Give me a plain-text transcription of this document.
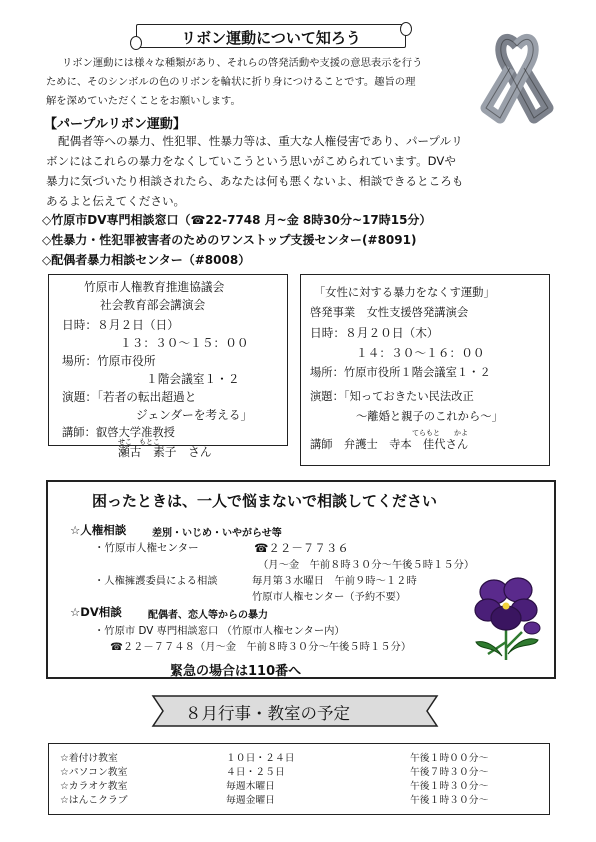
リボン運動について知ろう
リボン運動には様々な種類があり、それらの啓発活動や支援の意思表示を行う
ために、そのシンボルの色のリボンを輪状に折り身につけることです。趣旨の理
解を深めていただくことをお願いします。
【パープルリボン運動】
配偶者等への暴力、性犯罪、性暴力等は、重大な人権侵害であり、パープルリ
ボンにはこれらの暴力をなくしていこうという思いがこめられています。DVや
暴力に気づいたり相談されたら、あなたは何も悪くないよ、相談できるところも
あるよと伝えてください。
◇竹原市DV専門相談窓口（☎22-7748 月~金 8時30分~17時15分）
◇性暴力・性犯罪被害者のためのワンストップ支援センター(#8091)
◇配偶者暴力相談センター（#8008）
竹原市人権教育推進協議会
社会教育部会講演会
日時：８月２日（日）
１３：３０～１５：００
場所：竹原市役所
１階会議室１・２
演題：「若者の転出超過と
ジェンダーを考える」
講師：叡啓大学准教授
せこ　もとこ
瀬古　素子　さん
「女性に対する暴力をなくす運動」
啓発事業　女性支援啓発講演会
日時：８月２０日（木）
１４：３０～１６：００
場所：竹原市役所１階会議室１・２
演題：「知っておきたい民法改正
～離婚と親子のこれから～」
てらもと　　かよ
講師　弁護士　寺本　佳代さん
困ったときは、一人で悩まないで相談してください
☆人権相談	差別・いじめ・いやがらせ等
・竹原市人権センター	☎２２－７７３６
（月～金　午前８時３０分～午後５時１５分）
・人権擁護委員による相談	毎月第３水曜日　午前９時～１２時
竹原市人権センター（予約不要）
☆DV相談	配偶者、恋人等からの暴力
・竹原市 DV 専門相談窓口 （竹原市人権センター内）
☎２２－７７４８（月～金　午前８時３０分～午後５時１５分）
緊急の場合は110番へ
８月行事・教室の予定
☆着付け教室	１０日・２４日	午後１時００分～
☆パソコン教室	４日・２５日	午後７時３０分～
☆カラオケ教室	毎週木曜日	午後１時３０分～
☆はんこクラブ	毎週金曜日	午後１時３０分～
